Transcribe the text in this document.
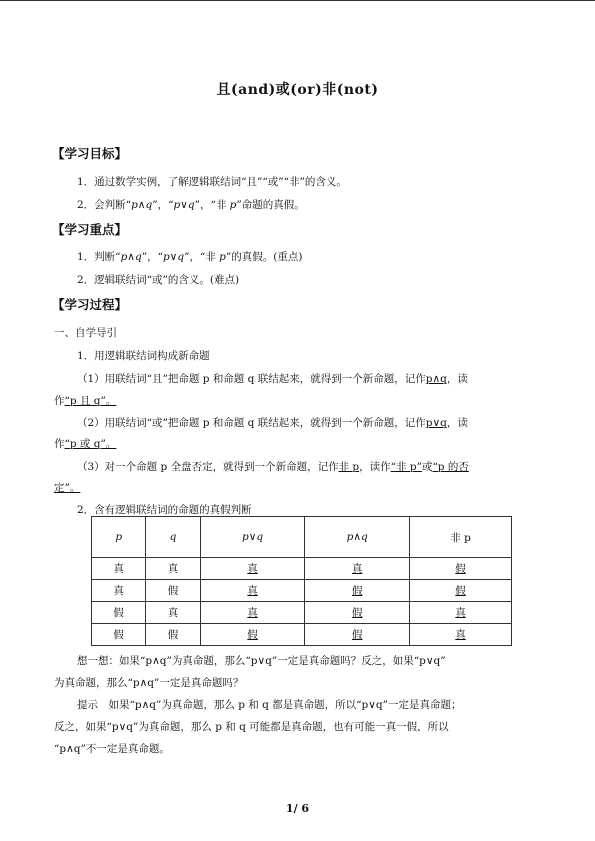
且(and)或(or)非(not)
【学习目标】
1．通过数学实例，了解逻辑联结词“且”“或”“非”的含义。
2．会判断“p∧q”，“p∨q”，“非 p”命题的真假。
【学习重点】
1．判断“p∧q”，“p∨q”，“非 p”的真假。(重点)
2．逻辑联结词“或”的含义。(难点)
【学习过程】
一、自学导引
1．用逻辑联结词构成新命题
（1）用联结词“且”把命题 p 和命题 q 联结起来，就得到一个新命题，记作p∧q，读
作“p 且 q”。
（2）用联结词“或”把命题 p 和命题 q 联结起来，就得到一个新命题，记作p∨q，读
作“p 或 q”。
（3）对一个命题 p 全盘否定，就得到一个新命题，记作非 p，读作“非 p”或“p 的否
定”。
2．含有逻辑联结词的命题的真假判断
p	q	p∨q	p∧q	非 p
真	真	真	真	假
真	假	真	假	假
假	真	真	假	真
假	假	假	假	真
想一想：如果“p∧q”为真命题，那么“p∨q”一定是真命题吗？反之，如果“p∨q”
为真命题，那么“p∧q”一定是真命题吗？
提示　如果“p∧q”为真命题，那么 p 和 q 都是真命题，所以“p∨q”一定是真命题；
反之，如果“p∨q”为真命题，那么 p 和 q 可能都是真命题，也有可能一真一假，所以
“p∧q”不一定是真命题。
1/ 6
